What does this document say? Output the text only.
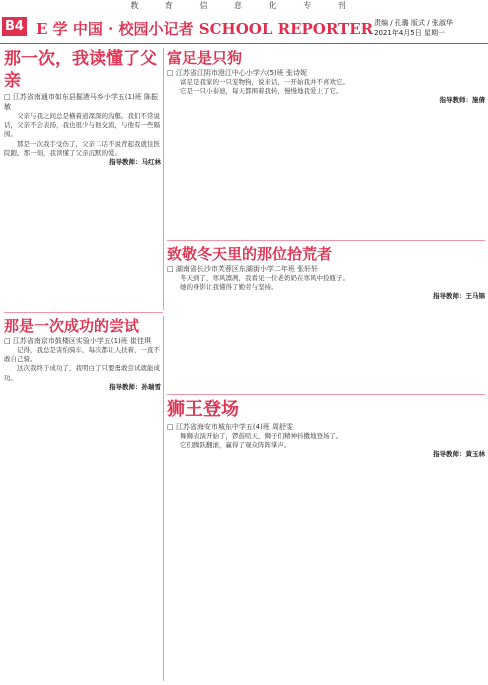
教 育 信 息 化 专 刊
B4 E 学 中国 · 校园小记者 SCHOOL REPORTER 责编 / 孔璐 版式 / 张淑华
2021年4月5日 星期一
那一次，我读懂了父亲
□ 江苏省南通市如东县掘港马乡小学五(1)班 陈振敏

父亲与我之间总是横着道深深的沟壑。我们不常说话，父亲不会表扬，我也很少与他交流，与他有一些隔阂。

那是一次我手受伤了，父亲二话不说背起我就往医院跑。那一刻，我读懂了父亲沉默的爱。

指导教师：马红林
富足是只狗
□ 江苏省江阴市澄江中心小学六(5)班 张诗妮

富足是我家的一只宠物狗，说来话，一开始我并不喜欢它。

它是一只小泰迪，每天都围着我转，慢慢地我爱上了它。

指导教师：施倩
那是一次成功的尝试
□ 江苏省南京市鼓楼区实验小学五(1)班 崔佳琪

记得，我总是害怕骑车，每次都让人扶着，一直不敢自己骑。

这次我终于成功了，我明白了只要勇敢尝试就能成功。

指导教师：孙瑞雪
致敬冬天里的那位拾荒者
□ 湖南省长沙市芙蓉区东湖街小学二年班 张轩轩

冬天到了，寒风凛冽，我看见一位老奶奶在寒风中捡瓶子。

她的身影让我懂得了勤劳与坚持。

指导教师：王马锦
狮王登场
□ 江苏省海安市城东中学五(4)班 周舒雯

舞狮表演开始了，锣鼓喧天，狮子们精神抖擞地登场了。

它们腾跃翻滚，赢得了观众阵阵掌声。

指导教师：黄玉林
